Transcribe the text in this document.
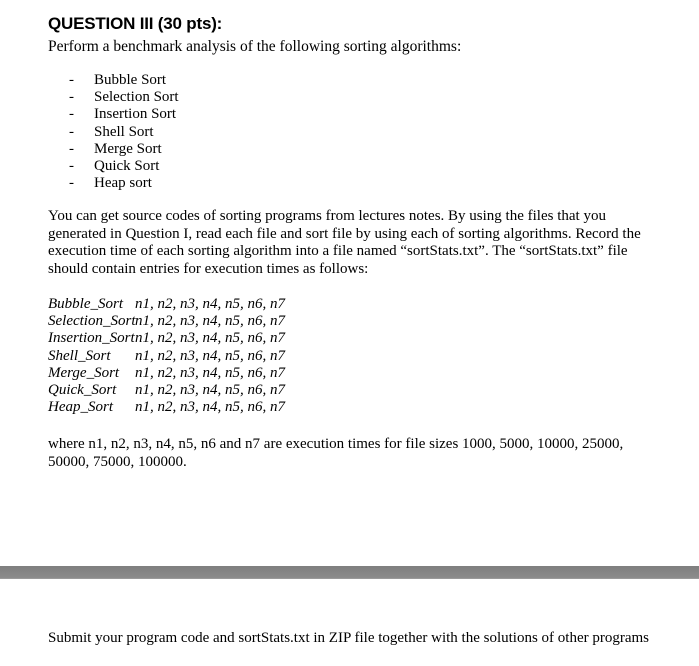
QUESTION III (30 pts):
Perform a benchmark analysis of the following sorting algorithms:
- Bubble Sort
- Selection Sort
- Insertion Sort
- Shell Sort
- Merge Sort
- Quick Sort
- Heap sort
You can get source codes of sorting programs from lectures notes. By using the files that you
generated in Question I, read each file and sort file by using each of sorting algorithms. Record the
execution time of each sorting algorithm into a file named “sortStats.txt”. The “sortStats.txt” file
should contain entries for execution times as follows:
Bubble_Sort n1, n2, n3, n4, n5, n6, n7
Selection_Sortn1, n2, n3, n4, n5, n6, n7
Insertion_Sortn1, n2, n3, n4, n5, n6, n7
Shell_Sort n1, n2, n3, n4, n5, n6, n7
Merge_Sort n1, n2, n3, n4, n5, n6, n7
Quick_Sort n1, n2, n3, n4, n5, n6, n7
Heap_Sort n1, n2, n3, n4, n5, n6, n7
where n1, n2, n3, n4, n5, n6 and n7 are execution times for file sizes 1000, 5000, 10000, 25000,
50000, 75000, 100000.
Submit your program code and sortStats.txt in ZIP file together with the solutions of other programs
